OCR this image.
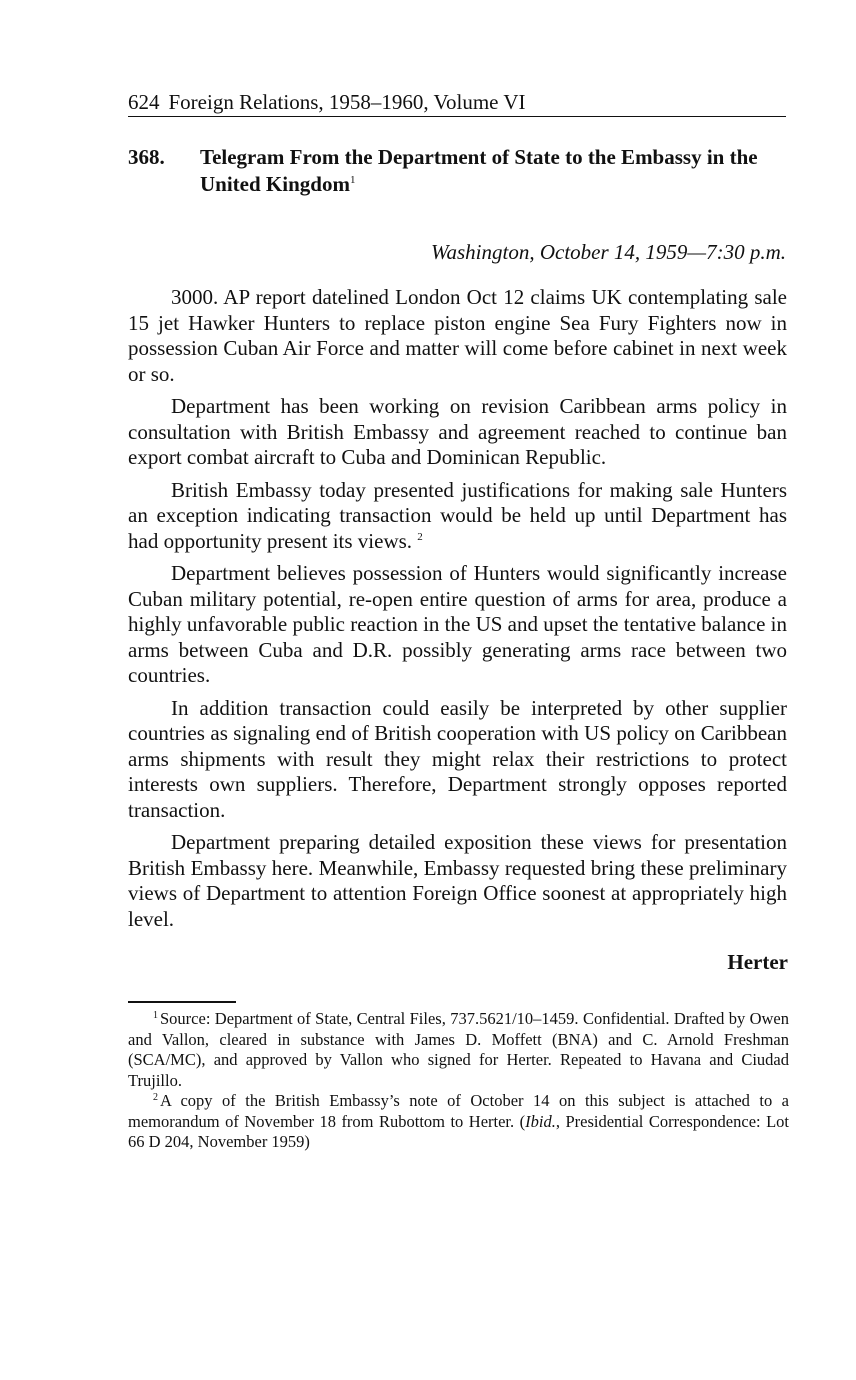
624 Foreign Relations, 1958–1960, Volume VI
368. Telegram From the Department of State to the Embassy in the United Kingdom$^1$
Washington, October 14, 1959—7:30 p.m.

3000. AP report datelined London Oct 12 claims UK contemplating sale 15 jet Hawker Hunters to replace piston engine Sea Fury Fighters now in possession Cuban Air Force and matter will come before cabinet in next week or so.

Department has been working on revision Caribbean arms policy in consultation with British Embassy and agreement reached to continue ban export combat aircraft to Cuba and Dominican Republic.

British Embassy today presented justifications for making sale Hunters an exception indicating transaction would be held up until Department has had opportunity present its views. $^2$

Department believes possession of Hunters would significantly increase Cuban military potential, re-open entire question of arms for area, produce a highly unfavorable public reaction in the US and upset the tentative balance in arms between Cuba and D.R. possibly generating arms race between two countries.

In addition transaction could easily be interpreted by other supplier countries as signaling end of British cooperation with US policy on Caribbean arms shipments with result they might relax their restrictions to protect interests own suppliers. Therefore, Department strongly opposes reported transaction.

Department preparing detailed exposition these views for presentation British Embassy here. Meanwhile, Embassy requested bring these preliminary views of Department to attention Foreign Office soonest at appropriately high level.

Herter

$^1$ Source: Department of State, Central Files, 737.5621/10–1459. Confidential. Drafted by Owen and Vallon, cleared in substance with James D. Moffett (BNA) and C. Arnold Freshman (SCA/MC), and approved by Vallon who signed for Herter. Repeated to Havana and Ciudad Trujillo.

$^2$ A copy of the British Embassy’s note of October 14 on this subject is attached to a memorandum of November 18 from Rubottom to Herter. (Ibid., Presidential Correspondence: Lot 66 D 204, November 1959)
